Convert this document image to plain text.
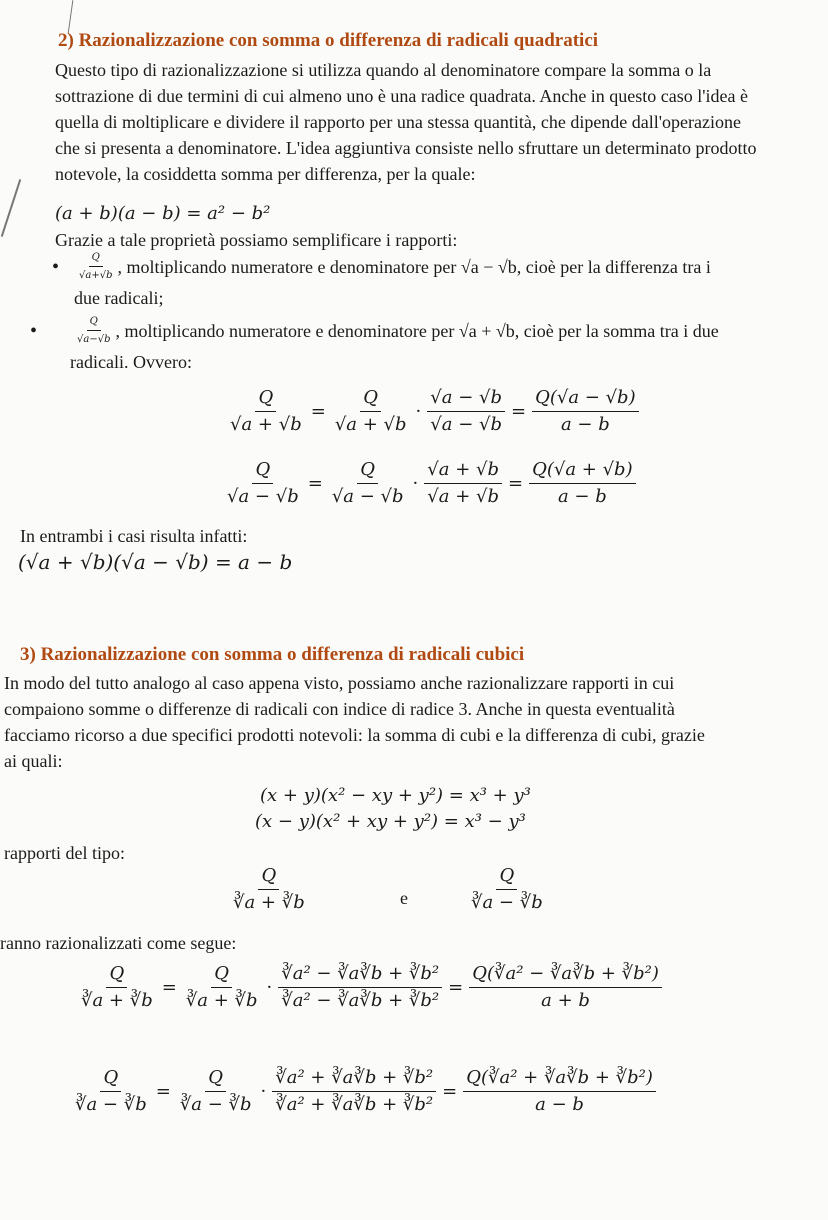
2) Razionalizzazione con somma o differenza di radicali quadratici
Questo tipo di razionalizzazione si utilizza quando al denominatore compare la somma o la
sottrazione di due termini di cui almeno uno è una radice quadrata. Anche in questo caso l'idea è
quella di moltiplicare e dividere il rapporto per una stessa quantità, che dipende dall'operazione
che si presenta a denominatore. L'idea aggiuntiva consiste nello sfruttare un determinato prodotto
notevole, la cosiddetta somma per differenza, per la quale:
(a + b)(a − b) = a² − b²
Grazie a tale proprietà possiamo semplificare i rapporti:
• $\frac{Q}{√a+√b}$ , moltiplicando numeratore e denominatore per √a − √b, cioè per la differenza tra i
due radicali;
•	$\frac{Q}{√a-√b}$ , moltiplicando numeratore e denominatore per √a + √b, cioè per la somma tra i due
radicali. Ovvero:
$\frac{Q}{√a + √b} = \frac{Q}{√a + √b} \cdot \frac{√a - √b}{√a - √b} = \frac{Q(√a - √b)}{a - b}$
$\frac{Q}{√a - √b} = \frac{Q}{√a - √b} \cdot \frac{√a + √b}{√a + √b} = \frac{Q(√a + √b)}{a - b}$
In entrambi i casi risulta infatti:
(√a + √b)(√a − √b) = a − b
3) Razionalizzazione con somma o differenza di radicali cubici
In modo del tutto analogo al caso appena visto, possiamo anche razionalizzare rapporti in cui
compaiono somme o differenze di radicali con indice di radice 3. Anche in questa eventualità
facciamo ricorso a due specifici prodotti notevoli: la somma di cubi e la differenza di cubi, grazie
ai quali:
(x + y)(x² − xy + y²) = x³ + y³
(x − y)(x² + xy + y²) = x³ − y³
rapporti del tipo:
$\frac{Q}{∛a + ∛b}$	e	$\frac{Q}{∛a - ∛b}$
ranno razionalizzati come segue:
$\frac{Q}{∛a + ∛b} = \frac{Q}{∛a + ∛b} \cdot \frac{\text{∛a² − ∛a∛b + ∛b²}}{\text{∛a² − ∛a∛b + ∛b²}} = \frac{\text{Q(∛a² − ∛a∛b + ∛b²)}}{a + b}$
$\frac{Q}{∛a - ∛b} = \frac{Q}{∛a - ∛b} \cdot \frac{\text{∛a² + ∛a∛b + ∛b²}}{\text{∛a² + ∛a∛b + ∛b²}} = \frac{\text{Q(∛a² + ∛a∛b + ∛b²)}}{a - b}$
